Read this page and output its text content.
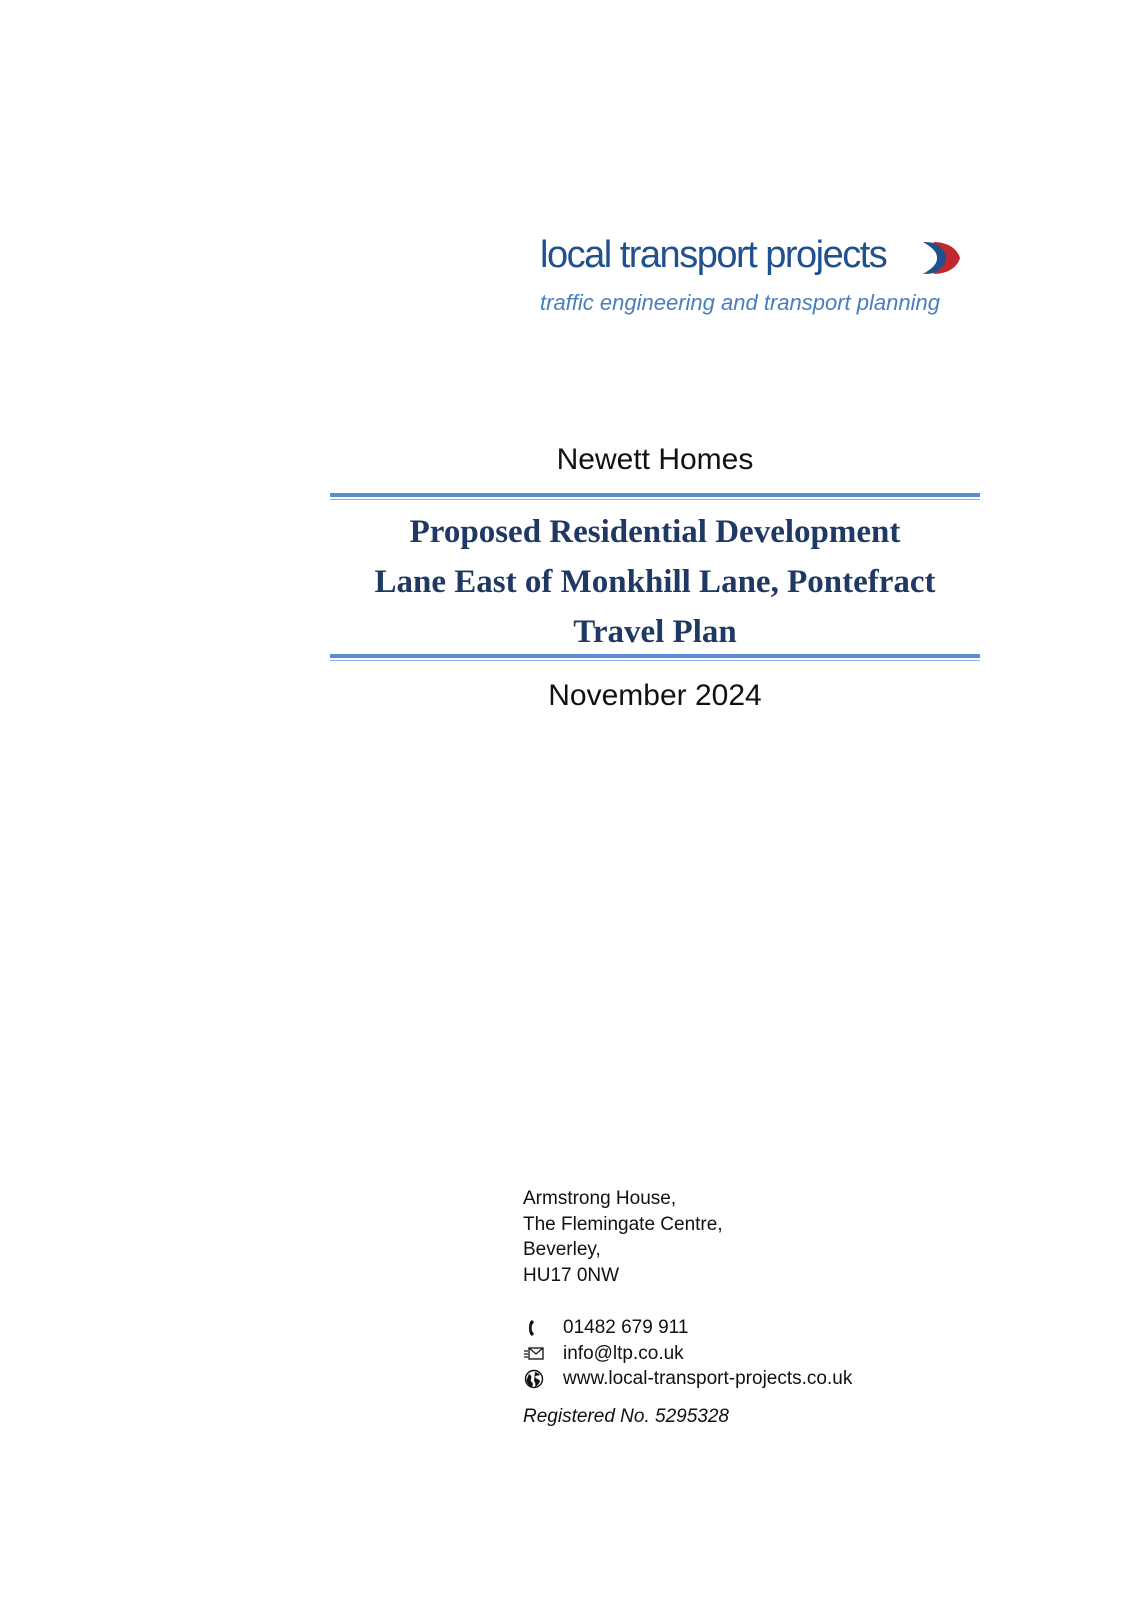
local transport projects
traffic engineering and transport planning
Newett Homes
Proposed Residential Development
Lane East of Monkhill Lane, Pontefract
Travel Plan
November 2024
Armstrong House,
The Flemingate Centre,
Beverley,
HU17 0NW
01482 679 911
info@ltp.co.uk
www.local-transport-projects.co.uk
Registered No. 5295328
